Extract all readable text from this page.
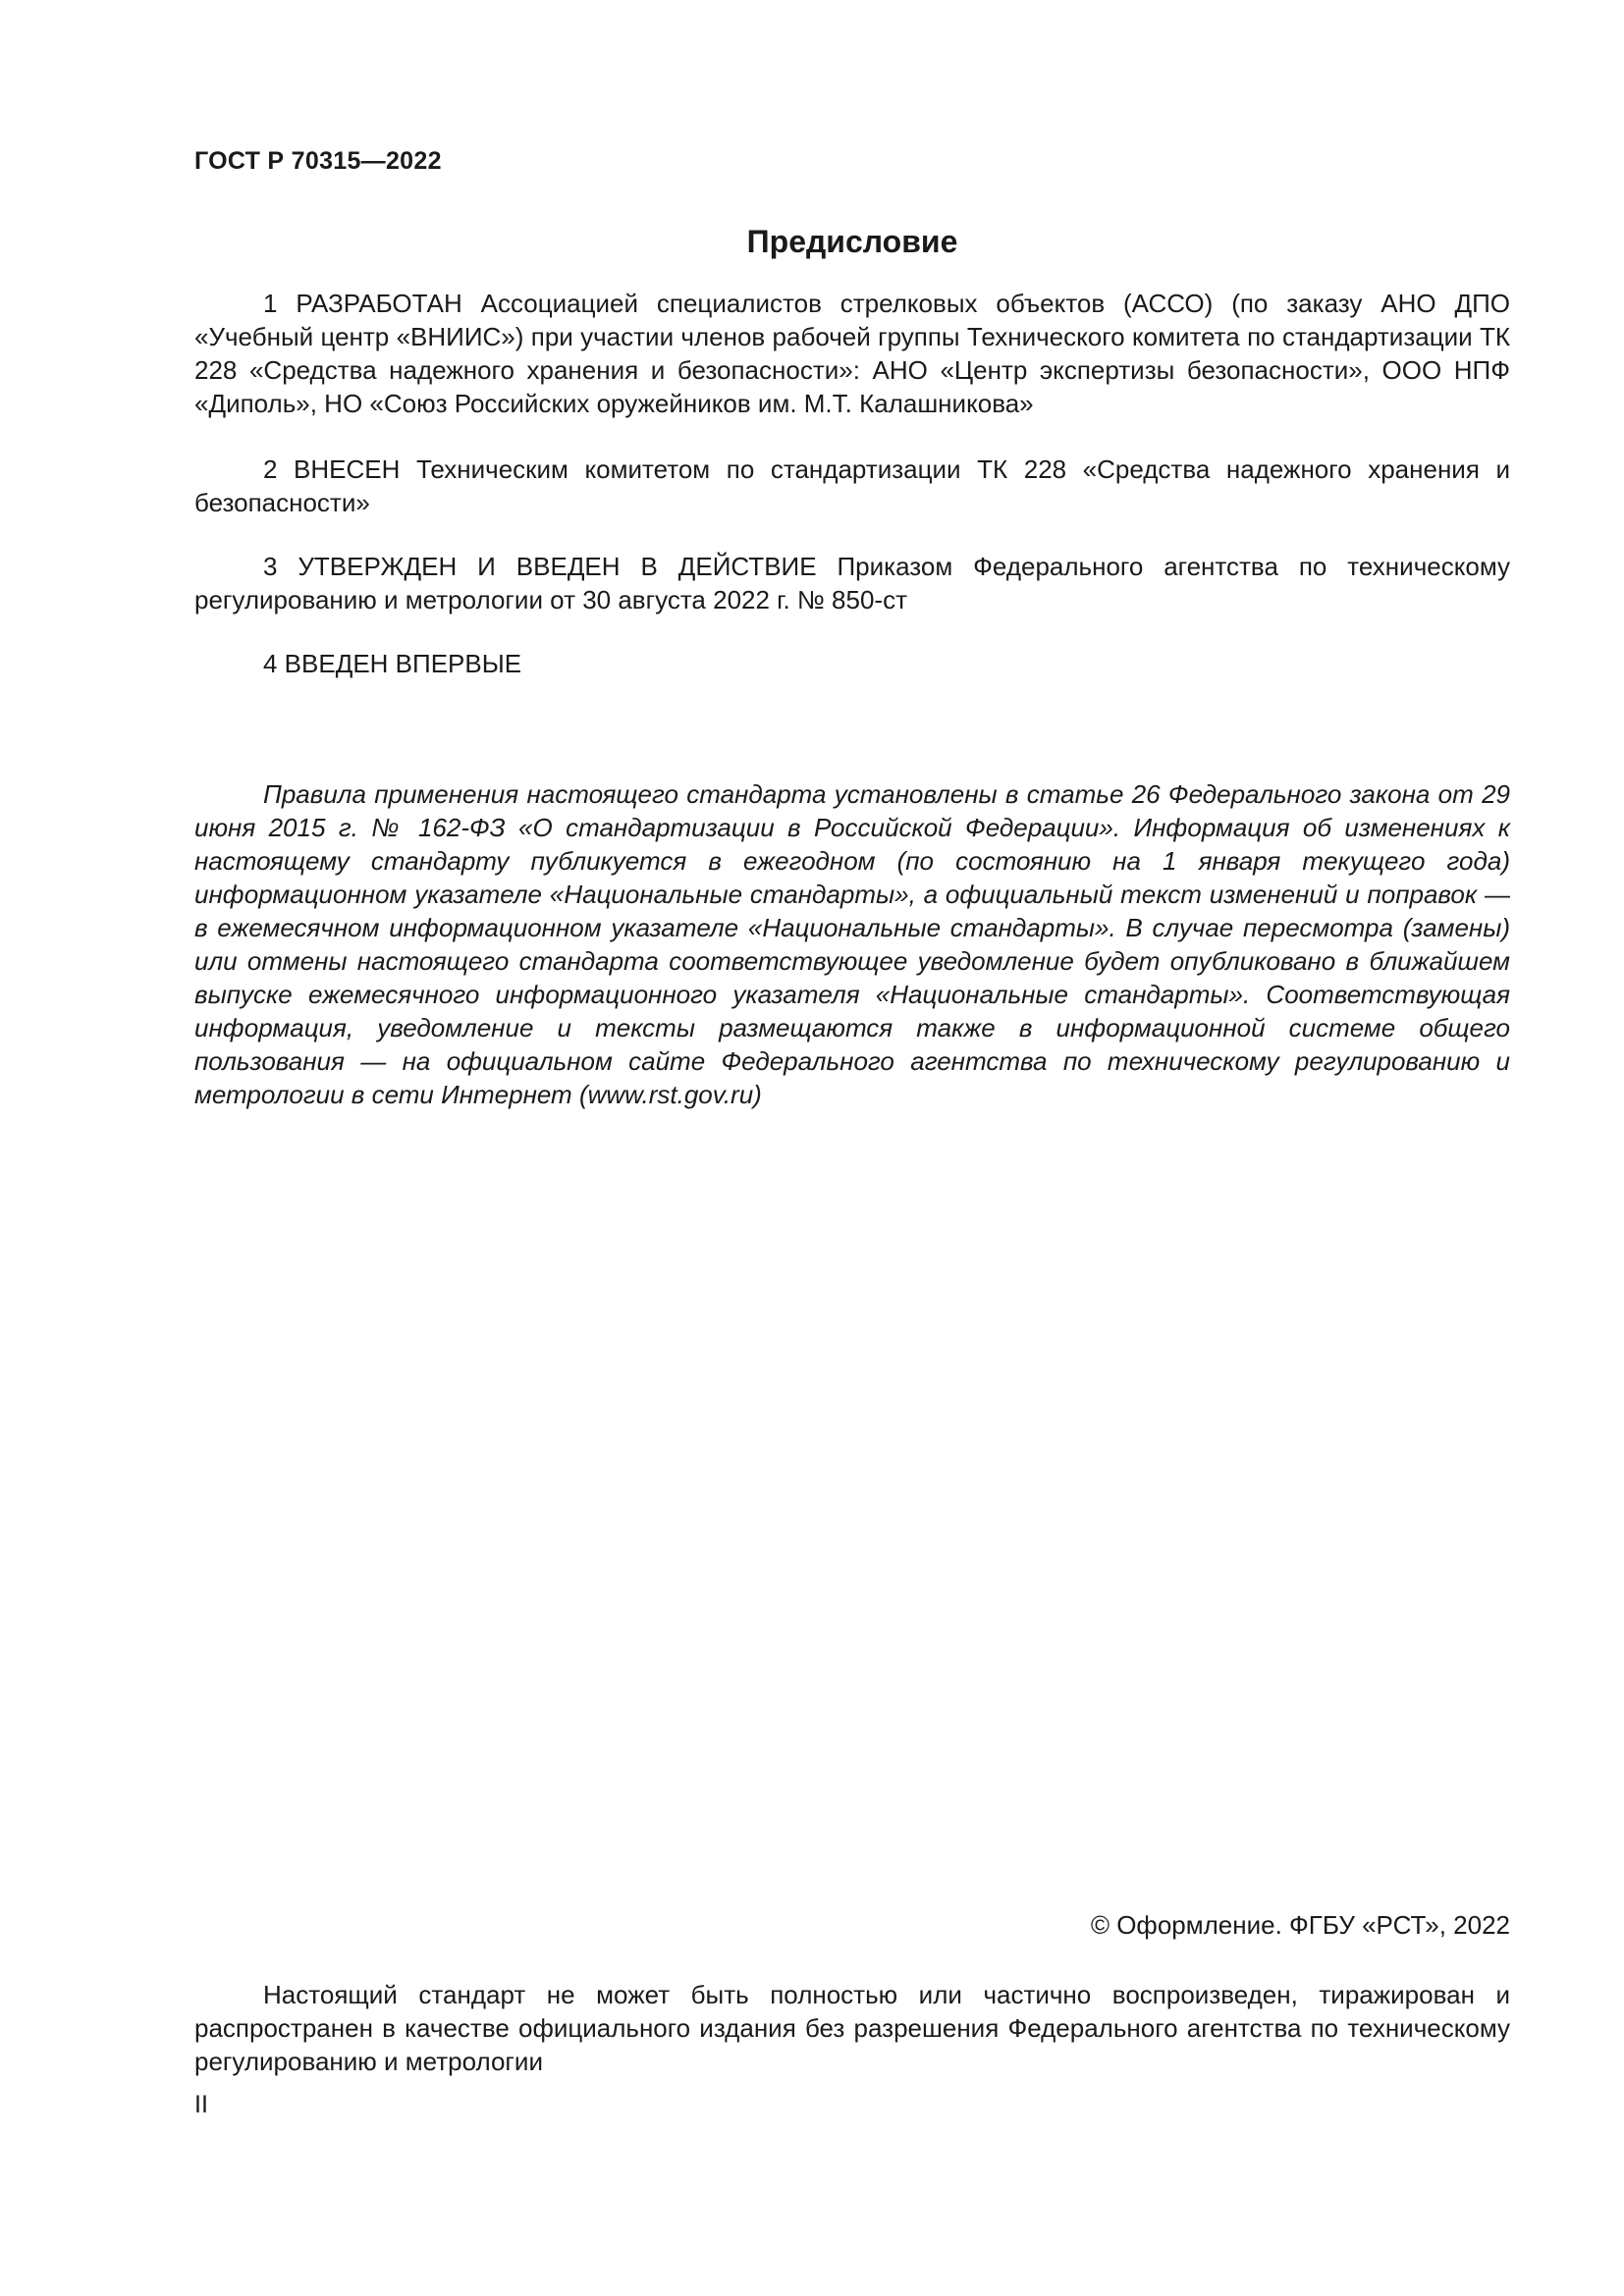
ГОСТ Р 70315—2022
Предисловие

1 РАЗРАБОТАН Ассоциацией специалистов стрелковых объектов (АССО) (по заказу АНО ДПО «Учебный центр «ВНИИС») при участии членов рабочей группы Технического комитета по стандартизации ТК 228 «Средства надежного хранения и безопасности»: АНО «Центр экспертизы безопасности», ООО НПФ «Диполь», НО «Союз Российских оружейников им. М.Т. Калашникова»

2 ВНЕСЕН Техническим комитетом по стандартизации ТК 228 «Средства надежного хранения и безопасности»

3 УТВЕРЖДЕН И ВВЕДЕН В ДЕЙСТВИЕ Приказом Федерального агентства по техническому регулированию и метрологии от 30 августа 2022 г. № 850-ст

4 ВВЕДЕН ВПЕРВЫЕ

Правила применения настоящего стандарта установлены в статье 26 Федерального закона от 29 июня 2015 г. № 162-ФЗ «О стандартизации в Российской Федерации». Информация об изменениях к настоящему стандарту публикуется в ежегодном (по состоянию на 1 января текущего года) информационном указателе «Национальные стандарты», а официальный текст изменений и поправок — в ежемесячном информационном указателе «Национальные стандарты». В случае пересмотра (замены) или отмены настоящего стандарта соответствующее уведомление будет опубликовано в ближайшем выпуске ежемесячного информационного указателя «Национальные стандарты». Соответствующая информация, уведомление и тексты размещаются также в информационной системе общего пользования — на официальном сайте Федерального агентства по техническому регулированию и метрологии в сети Интернет (www.rst.gov.ru)

© Оформление. ФГБУ «РСТ», 2022

Настоящий стандарт не может быть полностью или частично воспроизведен, тиражирован и распространен в качестве официального издания без разрешения Федерального агентства по техническому регулированию и метрологии

II
